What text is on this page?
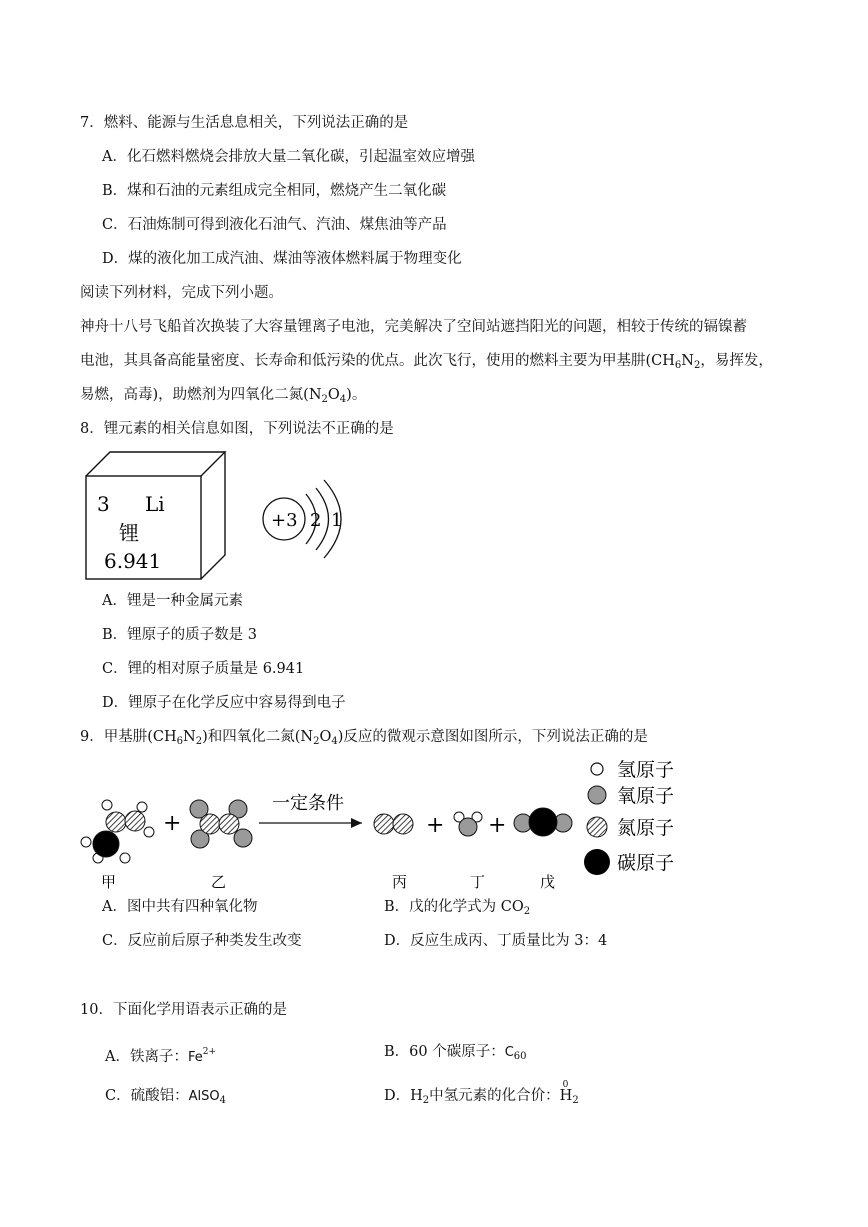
7．燃料、能源与生活息息相关，下列说法正确的是
A．化石燃料燃烧会排放大量二氧化碳，引起温室效应增强
B．煤和石油的元素组成完全相同，燃烧产生二氧化碳
C．石油炼制可得到液化石油气、汽油、煤焦油等产品
D．煤的液化加工成汽油、煤油等液体燃料属于物理变化
阅读下列材料，完成下列小题。
神舟十八号飞船首次换装了大容量锂离子电池，完美解决了空间站遮挡阳光的问题，相较于传统的镉镍蓄
电池，其具备高能量密度、长寿命和低污染的优点。此次飞行，使用的燃料主要为甲基肼($CH_6N_2$，易挥发，
易燃，高毒)，助燃剂为四氧化二氮$(N_2O_4)$。
8．锂元素的相关信息如图，下列说法不正确的是
3 Li
锂
6.941
+3 2 1
A．锂是一种金属元素
B．锂原子的质子数是 3
C．锂的相对原子质量是 6.941
D．锂原子在化学反应中容易得到电子
9．甲基肼$(CH_6N_2)$和四氧化二氮$(N_2O_4)$反应的微观示意图如图所示，下列说法正确的是
+
一定条件
+ +
甲	乙	丙	丁	戊
氢原子
氧原子
氮原子
碳原子
A．图中共有四种氧化物	B．戊的化学式为 $CO_2$
C．反应前后原子种类发生改变	D．反应生成丙、丁质量比为 3：4
10．下面化学用语表示正确的是
A．铁离子：$Fe^{2+}$	B．60 个碳原子：$C_{60}$
C．硫酸铝：AlSO$_4$	D．$H_2$中氢元素的化合价：
0
$H_2$
